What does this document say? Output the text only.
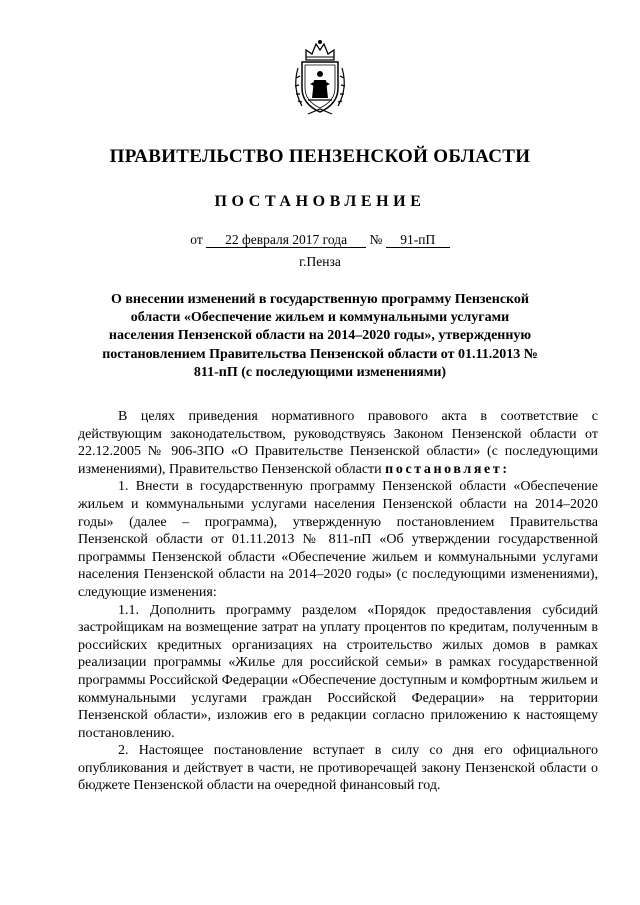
ПРАВИТЕЛЬСТВО ПЕНЗЕНСКОЙ ОБЛАСТИ
ПОСТАНОВЛЕНИЕ
от 22 февраля 2017 года № 91-пП
г.Пенза
О внесении изменений в государственную программу Пензенской области «Обеспечение жильем и коммунальными услугами населения Пензенской области на 2014–2020 годы», утвержденную постановлением Правительства Пензенской области от 01.11.2013 № 811-пП (с последующими изменениями)

В целях приведения нормативного правового акта в соответствие с действующим законодательством, руководствуясь Законом Пензенской области от 22.12.2005 № 906-ЗПО «О Правительстве Пензенской области» (с последующими изменениями), Правительство Пензенской области постановляет:

1. Внести в государственную программу Пензенской области «Обеспечение жильем и коммунальными услугами населения Пензенской области на 2014–2020 годы» (далее – программа), утвержденную постановлением Правительства Пензенской области от 01.11.2013 № 811-пП «Об утверждении государственной программы Пензенской области «Обеспечение жильем и коммунальными услугами населения Пензенской области на 2014–2020 годы» (с последующими изменениями), следующие изменения:

1.1. Дополнить программу разделом «Порядок предоставления субсидий застройщикам на возмещение затрат на уплату процентов по кредитам, полученным в российских кредитных организациях на строительство жилых домов в рамках реализации программы «Жилье для российской семьи» в рамках государственной программы Российской Федерации «Обеспечение доступным и комфортным жильем и коммунальными услугами граждан Российской Федерации» на территории Пензенской области», изложив его в редакции согласно приложению к настоящему постановлению.

2. Настоящее постановление вступает в силу со дня его официального опубликования и действует в части, не противоречащей закону Пензенской области о бюджете Пензенской области на очередной финансовый год.
